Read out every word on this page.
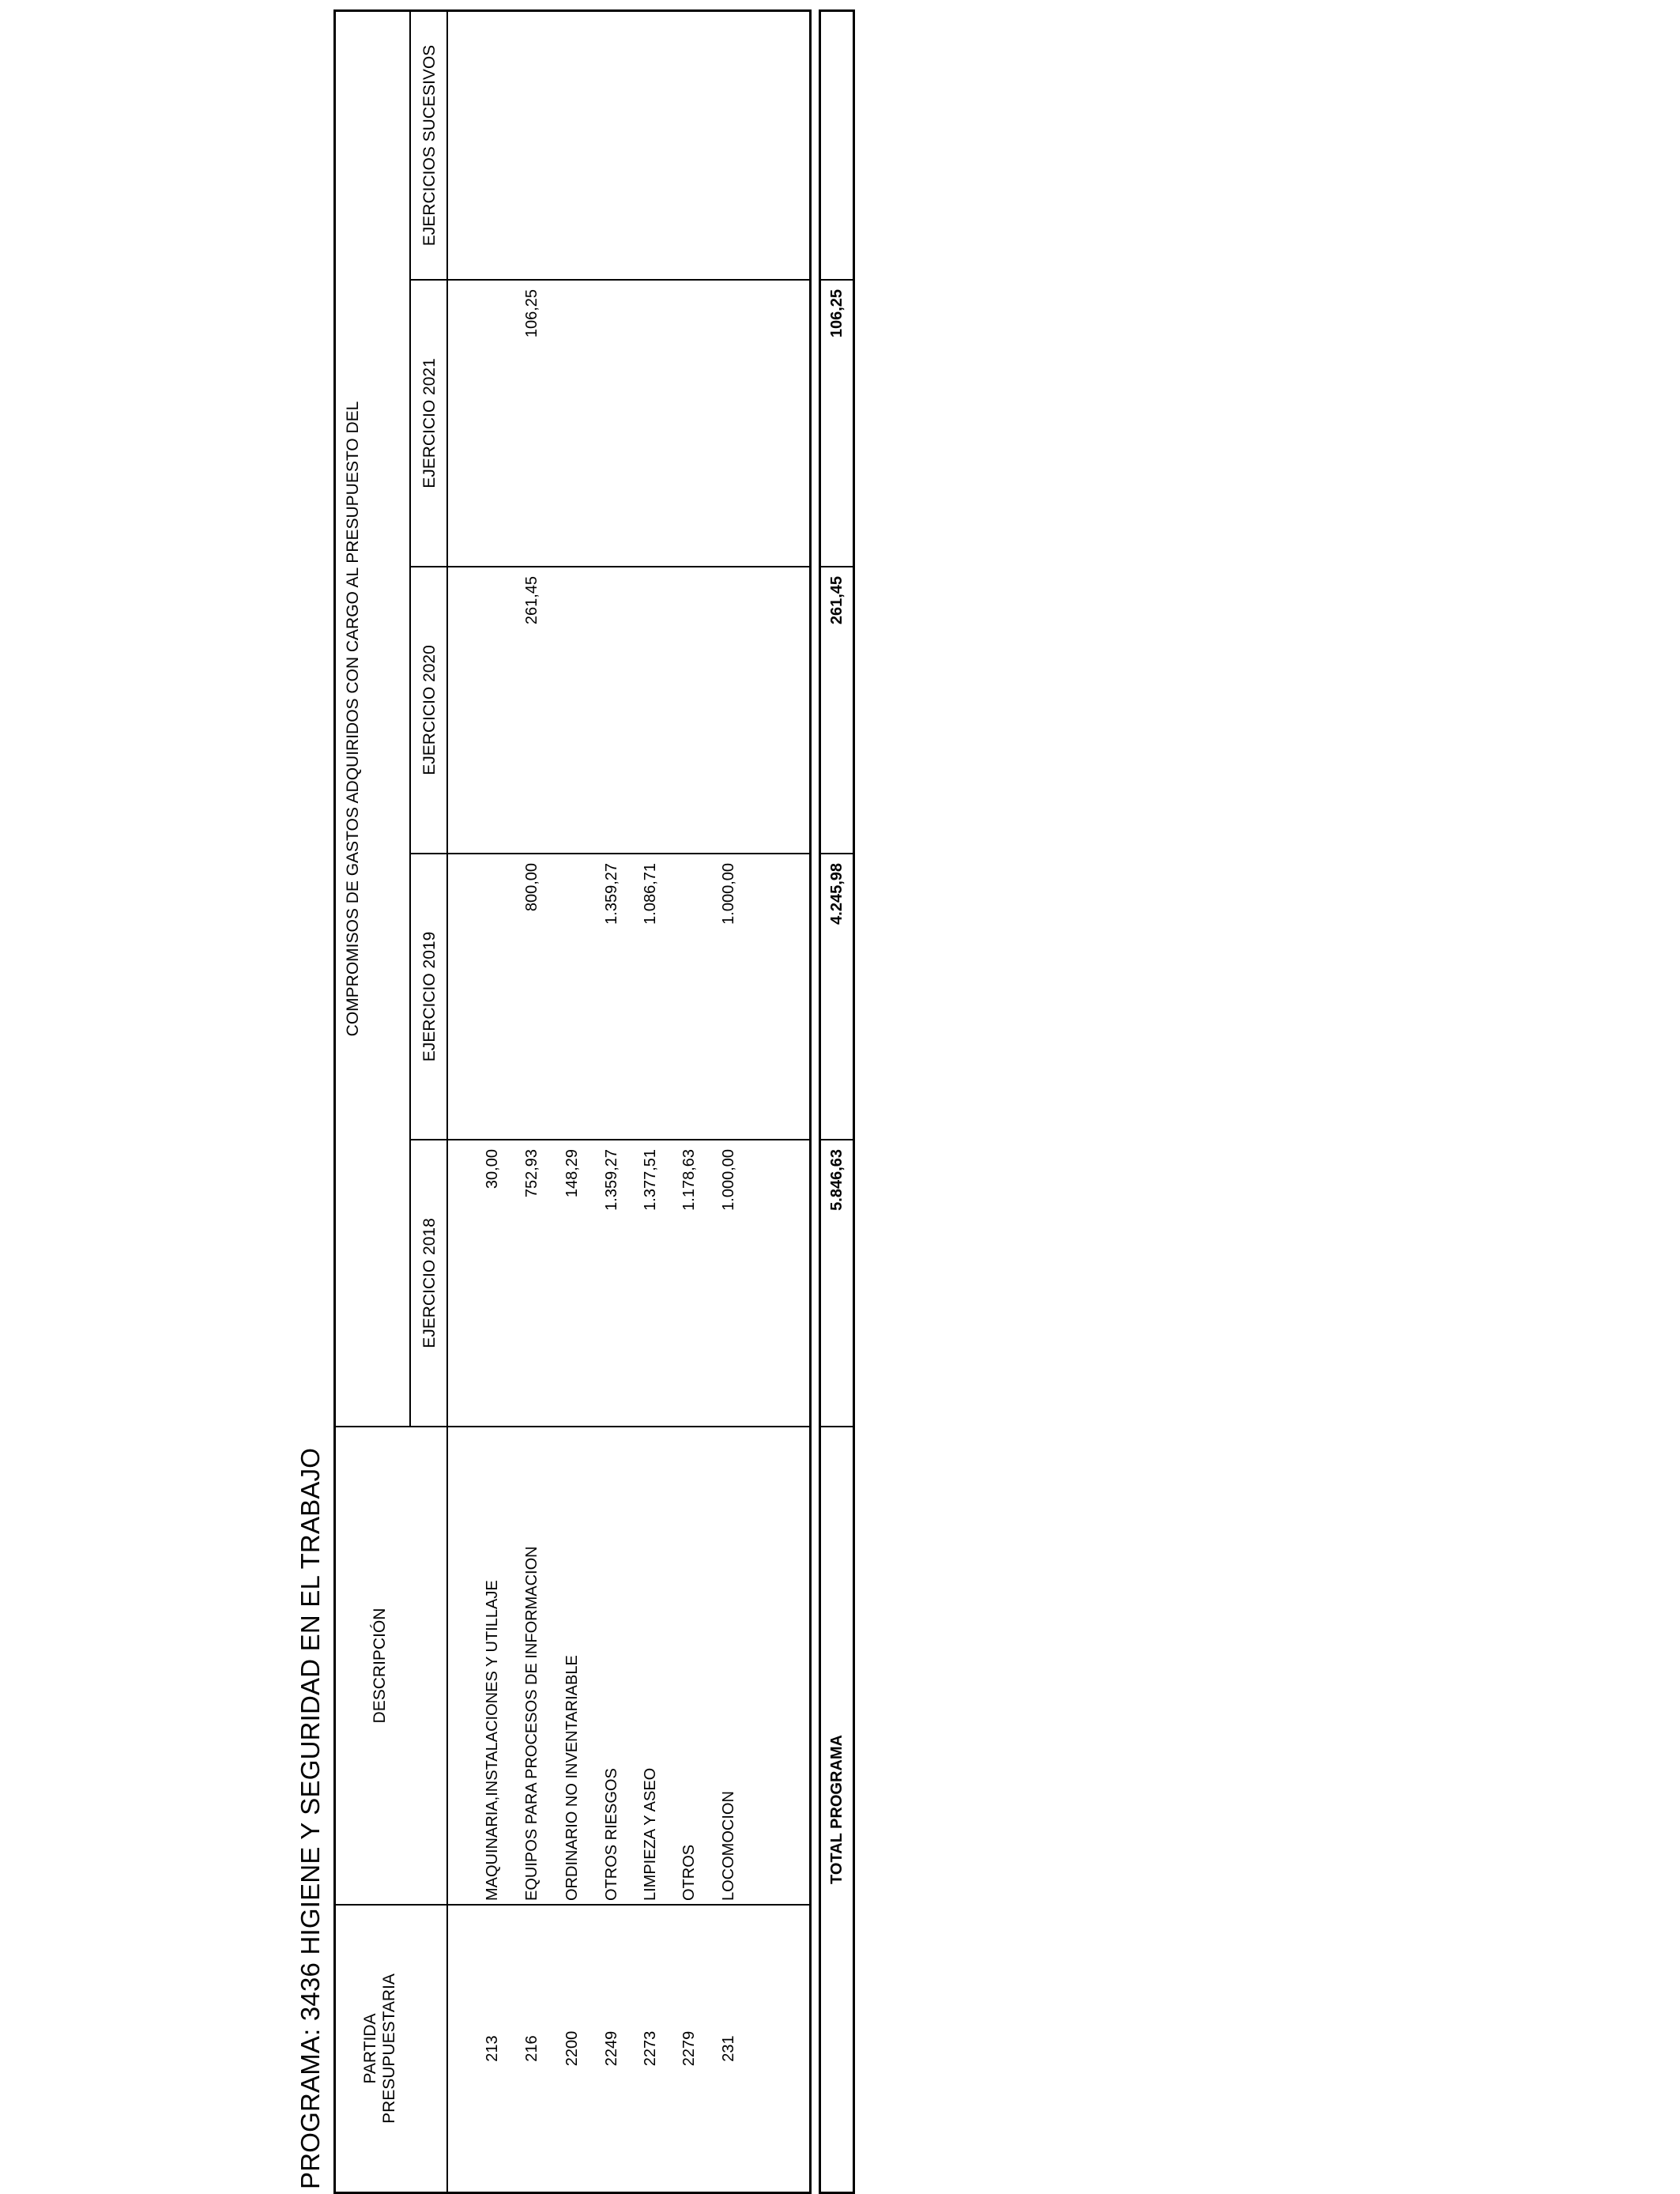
PROGRAMA: 3436 HIGIENE Y SEGURIDAD EN EL TRABAJO PARTIDA PRESUPUESTARIA
DESCRIPCIÓN
COMPROMISOS DE GASTOS ADQUIRIDOS CON CARGO AL PRESUPUESTO DEL
EJERCICIO 2018
EJERCICIO 2019
EJERCICIO 2020
EJERCICIO 2021
EJERCICIOS SUCESIVOS
213
MAQUINARIA,INSTALACIONES Y UTILLAJE
30,00
216
EQUIPOS PARA PROCESOS DE INFORMACION
752,93
800,00
261,45
106,25
2200
ORDINARIO NO INVENTARIABLE
148,29
2249
OTROS RIESGOS
1.359,27
1.359,27
2273
LIMPIEZA Y ASEO
1.377,51
1.086,71
2279
OTROS
1.178,63
231
LOCOMOCION
1.000,00
1.000,00
TOTAL PROGRAMA
5.846,63
4.245,98
261,45
106,25
